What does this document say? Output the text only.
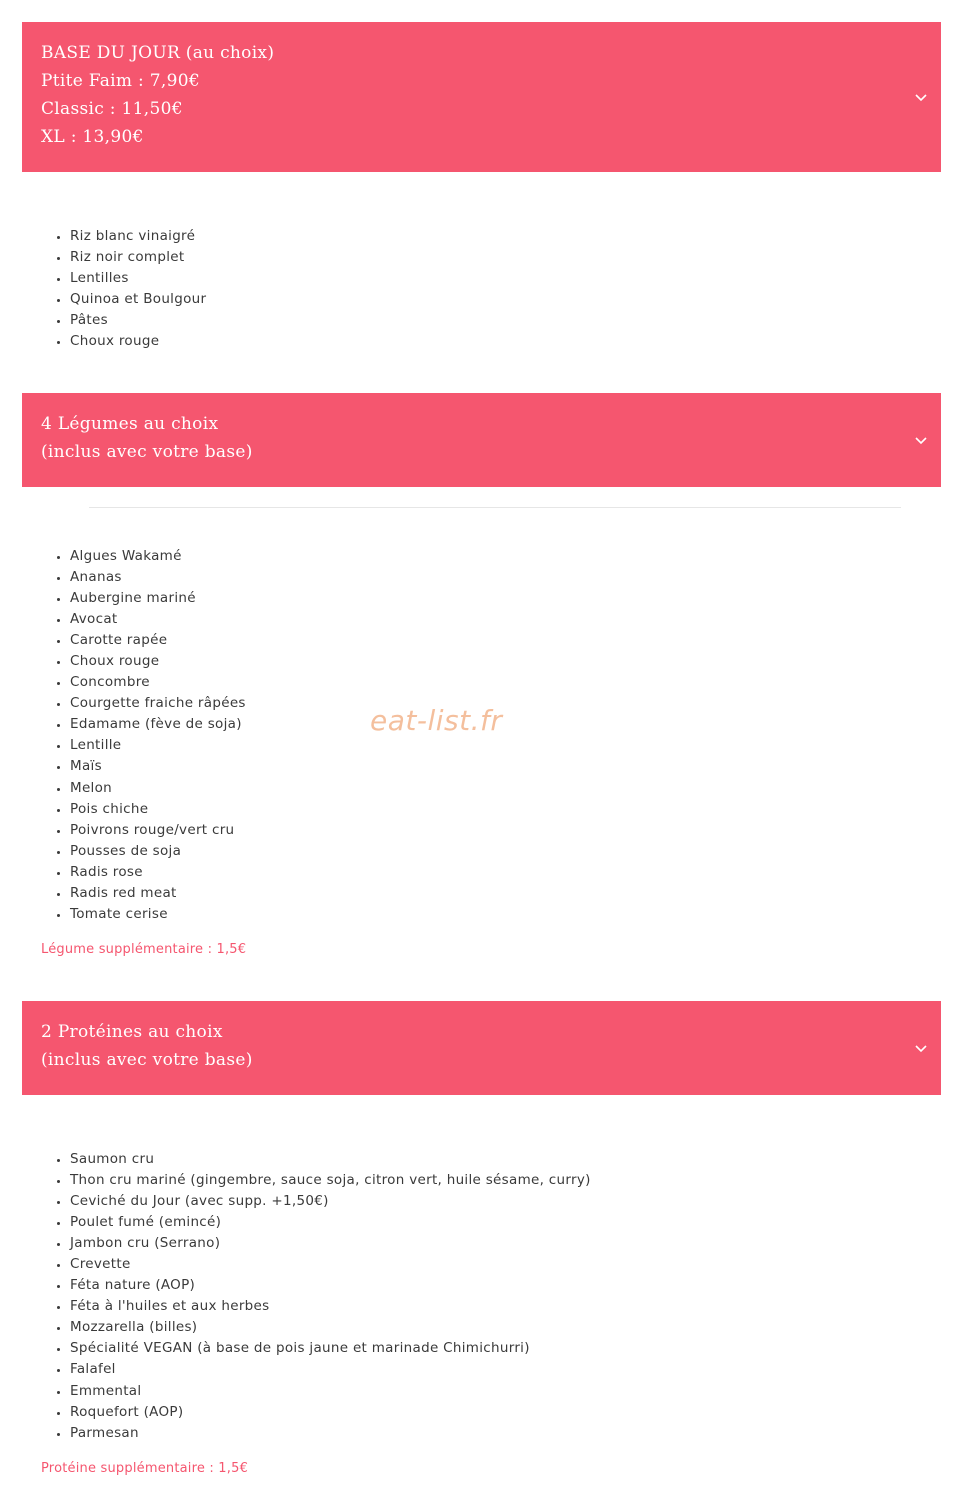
BASE DU JOUR (au choix)
Ptite Faim : 7,90€
Classic : 11,50€
XL : 13,90€
• Riz blanc vinaigré
• Riz noir complet
• Lentilles
• Quinoa et Boulgour
• Pâtes
• Choux rouge
4 Légumes au choix
(inclus avec votre base)
• Algues Wakamé
• Ananas
• Aubergine mariné
• Avocat
• Carotte rapée
• Choux rouge
• Concombre
• Courgette fraiche râpées
• Edamame (fève de soja)
• Lentille
• Maïs
• Melon
• Pois chiche
• Poivrons rouge/vert cru
• Pousses de soja
• Radis rose
• Radis red meat
• Tomate cerise
Légume supplémentaire : 1,5€
2 Protéines au choix
(inclus avec votre base)
• Saumon cru
• Thon cru mariné (gingembre, sauce soja, citron vert, huile sésame, curry)
• Ceviché du Jour (avec supp. +1,50€)
• Poulet fumé (emincé)
• Jambon cru (Serrano)
• Crevette
• Féta nature (AOP)
• Féta à l'huiles et aux herbes
• Mozzarella (billes)
• Spécialité VEGAN (à base de pois jaune et marinade Chimichurri)
• Falafel
• Emmental
• Roquefort (AOP)
• Parmesan
Protéine supplémentaire : 1,5€
eat-list.fr
